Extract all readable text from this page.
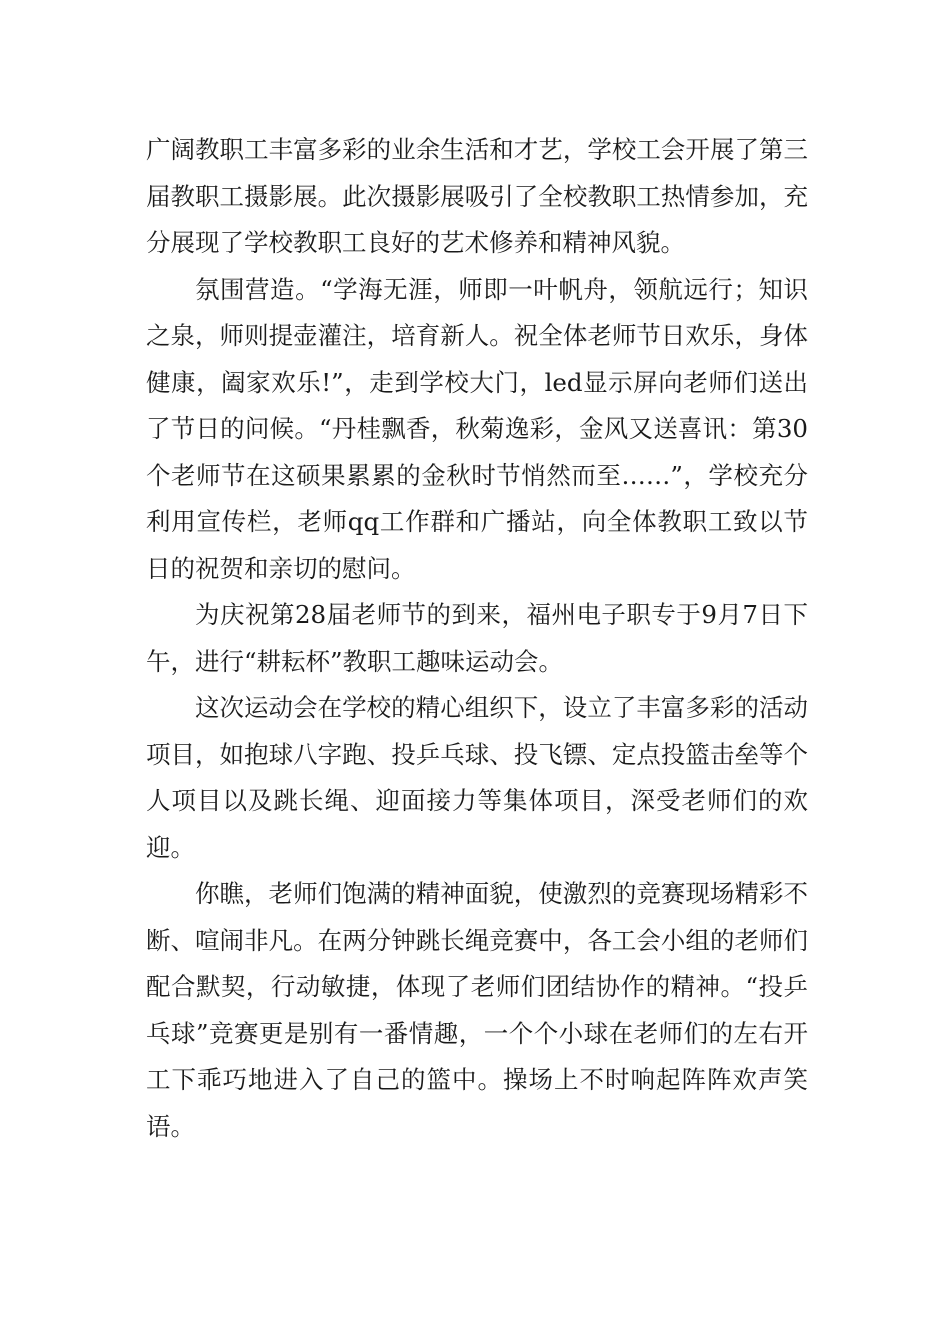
广阔教职工丰富多彩的业余生活和才艺，学校工会开展了第三届教职工摄影展。此次摄影展吸引了全校教职工热情参加，充分展现了学校教职工良好的艺术修养和精神风貌。

氛围营造。“学海无涯，师即一叶帆舟，领航远行；知识之泉，师则提壶灌注，培育新人。祝全体老师节日欢乐，身体健康，阖家欢乐!”，走到学校大门，led显示屏向老师们送出了节日的问候。“丹桂飘香，秋菊逸彩，金风又送喜讯：第30个老师节在这硕果累累的金秋时节悄然而至……”，学校充分利用宣传栏，老师qq工作群和广播站，向全体教职工致以节日的祝贺和亲切的慰问。

为庆祝第28届老师节的到来，福州电子职专于9月7日下午，进行“耕耘杯”教职工趣味运动会。

这次运动会在学校的精心组织下，设立了丰富多彩的活动项目，如抱球八字跑、投乒乓球、投飞镖、定点投篮击垒等个人项目以及跳长绳、迎面接力等集体项目，深受老师们的欢迎。

你瞧，老师们饱满的精神面貌，使激烈的竞赛现场精彩不断、喧闹非凡。在两分钟跳长绳竞赛中，各工会小组的老师们配合默契，行动敏捷，体现了老师们团结协作的精神。“投乒乓球”竞赛更是别有一番情趣，一个个小球在老师们的左右开工下乖巧地进入了自己的篮中。操场上不时响起阵阵欢声笑语。
